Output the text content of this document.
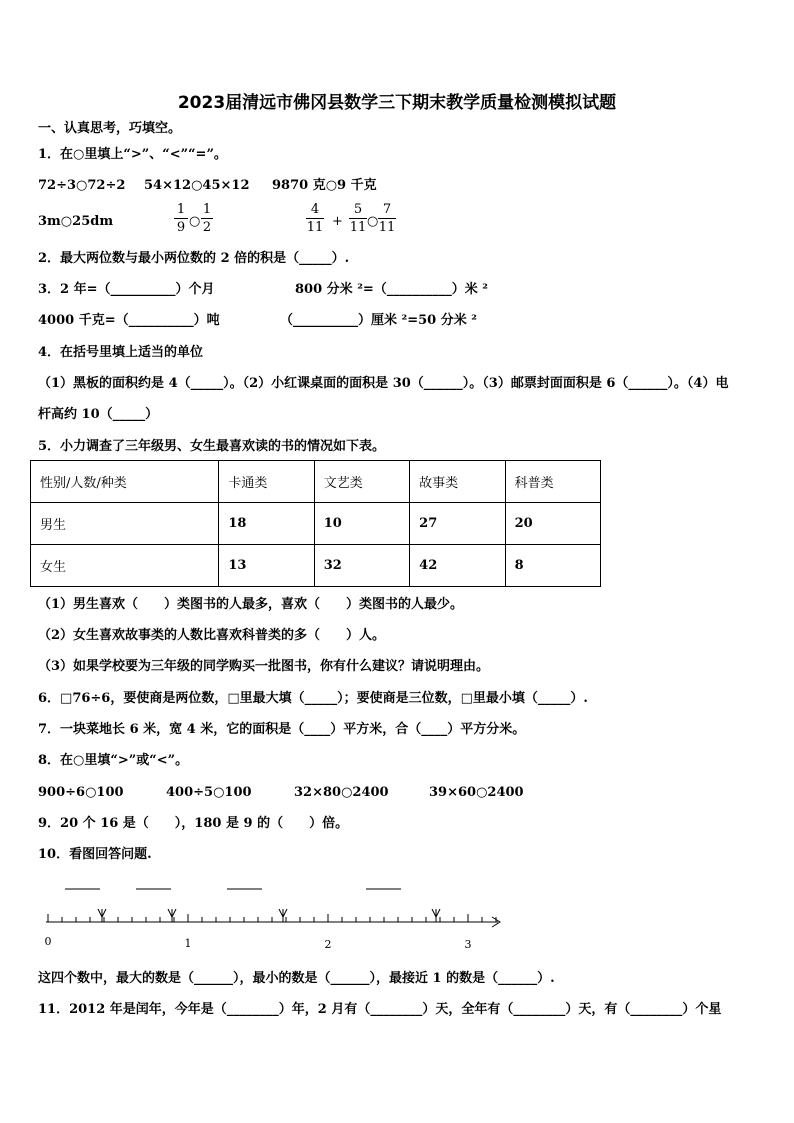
2023届清远市佛冈县数学三下期末教学质量检测模拟试题
一、认真思考，巧填空。
1．在○里填上“>”、“<”“=”。
72÷3○72÷2 54×12○45×12 9870 克○9 千克
3m○25dm
1
9 ○
1
2
4
11 +
5
11 ○
7
11
2．最大两位数与最小两位数的 2 倍的积是（_____）.
3．2 年=（__________）个月	800 分米 ²=（__________）米 ²
4000 千克=（__________）吨	（__________）厘米 ²=50 分米 ²
4．在括号里填上适当的单位
（1）黑板的面积约是 4（_____）。（2）小红课桌面的面积是 30（______）。（3）邮票封面面积是 6（______）。（4）电
杆高约 10（_____）
5．小力调查了三年级男、女生最喜欢读的书的情况如下表。
性别/人数/种类	卡通类	文艺类	故事类	科普类
男生	18	10	27	20
女生	13	32	42	8
（1）男生喜欢（　　）类图书的人最多，喜欢（　　）类图书的人最少。
（2）女生喜欢故事类的人数比喜欢科普类的多（　　）人。
（3）如果学校要为三年级的同学购买一批图书，你有什么建议？请说明理由。
6．□76÷6，要使商是两位数，□里最大填（_____）；要使商是三位数，□里最小填（_____）.
7．一块菜地长 6 米，宽 4 米，它的面积是（____）平方米，合（____）平方分米。
8．在○里填“>”或“<”。
900÷6○100	400÷5○100	32×80○2400	39×60○2400
9．20 个 16 是（　　），180 是 9 的（　　）倍。
10．看图回答问题.
0	1	2	3
这四个数中，最大的数是（______），最小的数是（______），最接近 1 的数是（______）.
11．2012 年是闰年，今年是（________）年，2 月有（________）天，全年有（________）天，有（________）个星
